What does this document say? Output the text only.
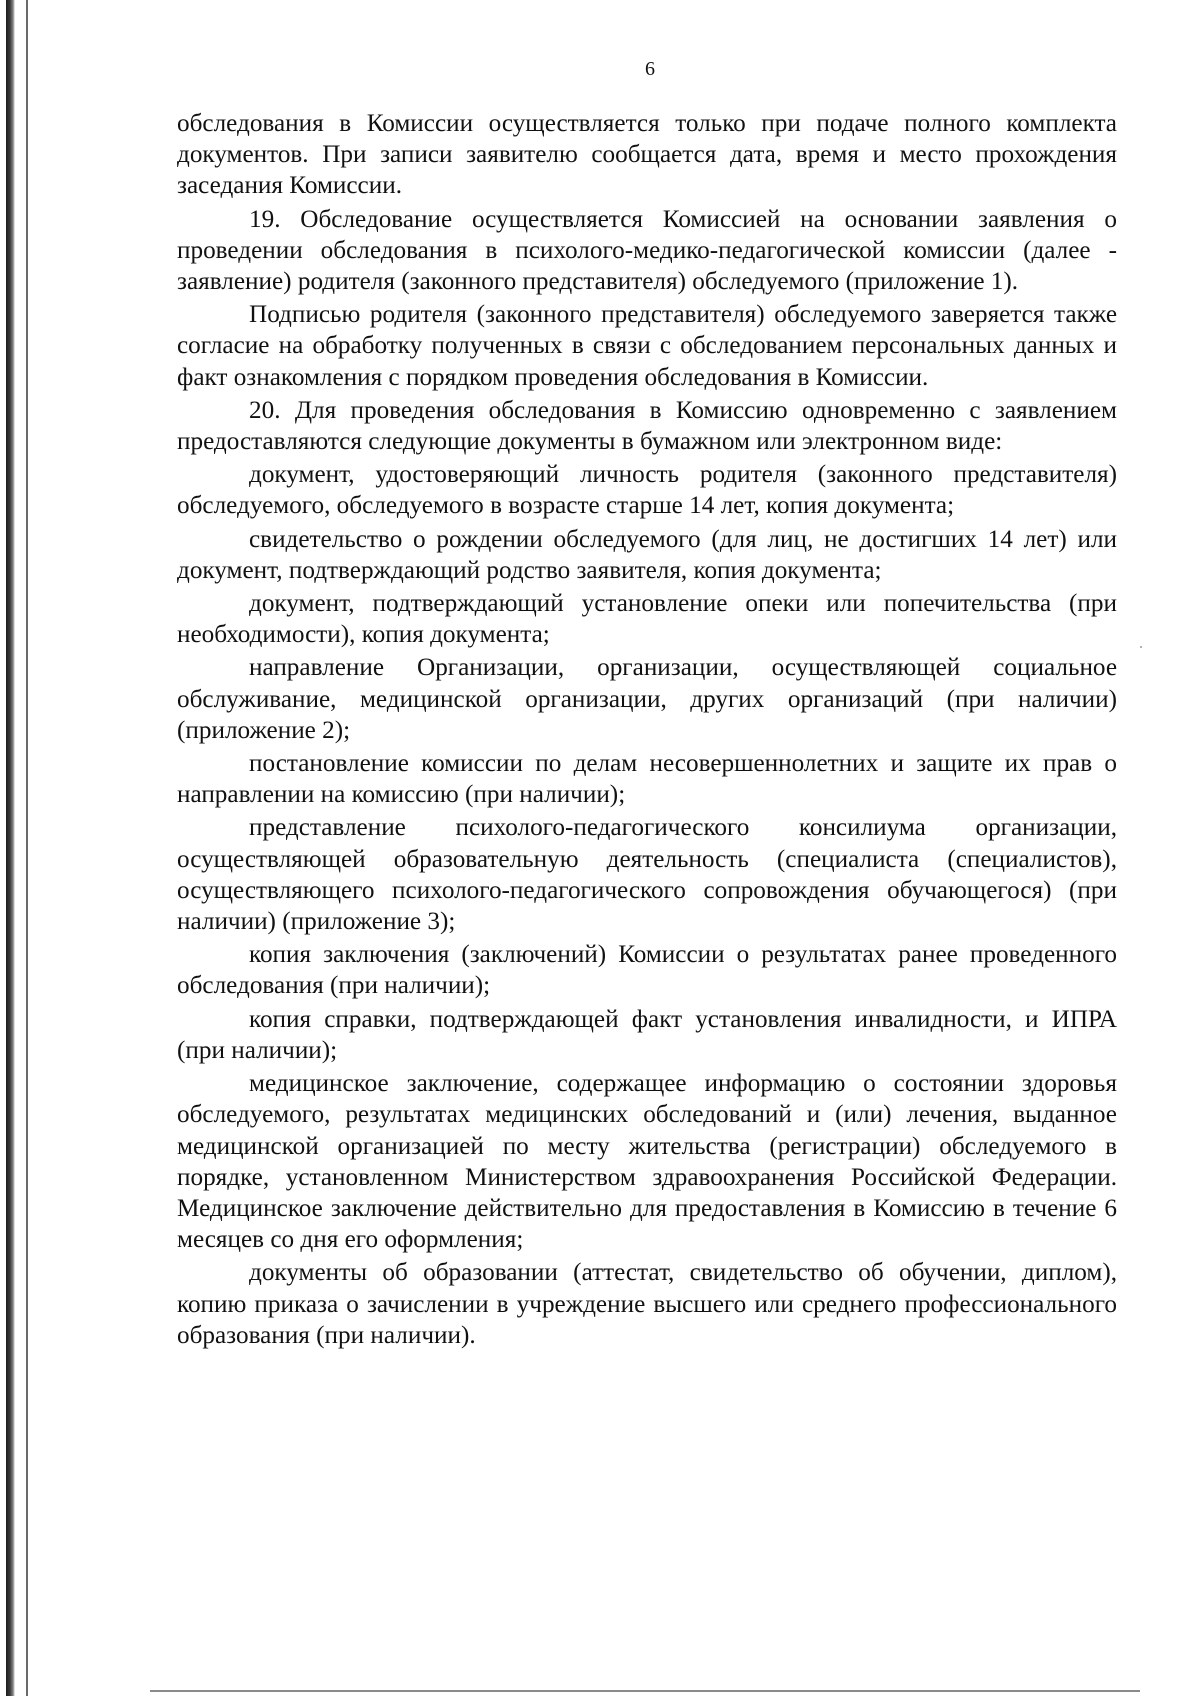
6

обследования в Комиссии осуществляется только при подаче полного комплекта документов. При записи заявителю сообщается дата, время и место прохождения заседания Комиссии.

19. Обследование осуществляется Комиссией на основании заявления о проведении обследования в психолого-медико-педагогической комиссии (далее - заявление) родителя (законного представителя) обследуемого (приложение 1).

Подписью родителя (законного представителя) обследуемого заверяется также согласие на обработку полученных в связи с обследованием персональных данных и факт ознакомления с порядком проведения обследования в Комиссии.

20. Для проведения обследования в Комиссию одновременно с заявлением предоставляются следующие документы в бумажном или электронном виде:

документ, удостоверяющий личность родителя (законного представителя) обследуемого, обследуемого в возрасте старше 14 лет, копия документа;

свидетельство о рождении обследуемого (для лиц, не достигших 14 лет) или документ, подтверждающий родство заявителя, копия документа;

документ, подтверждающий установление опеки или попечительства (при необходимости), копия документа;

направление Организации, организации, осуществляющей социальное обслуживание, медицинской организации, других организаций (при наличии) (приложение 2);

постановление комиссии по делам несовершеннолетних и защите их прав о направлении на комиссию (при наличии);

представление психолого-педагогического консилиума организации, осуществляющей образовательную деятельность (специалиста (специалистов), осуществляющего психолого-педагогического сопровождения обучающегося) (при наличии) (приложение 3);

копия заключения (заключений) Комиссии о результатах ранее проведенного обследования (при наличии);

копия справки, подтверждающей факт установления инвалидности, и ИПРА (при наличии);

медицинское заключение, содержащее информацию о состоянии здоровья обследуемого, результатах медицинских обследований и (или) лечения, выданное медицинской организацией по месту жительства (регистрации) обследуемого в порядке, установленном Министерством здравоохранения Российской Федерации. Медицинское заключение действительно для предоставления в Комиссию в течение 6 месяцев со дня его оформления;

документы об образовании (аттестат, свидетельство об обучении, диплом), копию приказа о зачислении в учреждение высшего или среднего профессионального образования (при наличии).
